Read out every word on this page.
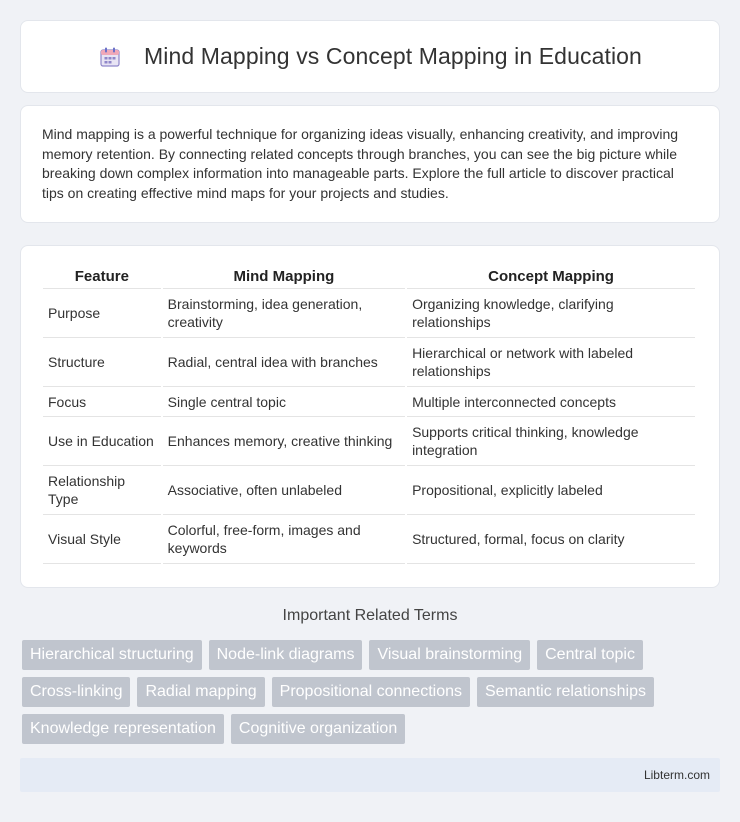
Mind Mapping vs Concept Mapping in Education

Mind mapping is a powerful technique for organizing ideas visually, enhancing creativity, and improving memory retention. By connecting related concepts through branches, you can see the big picture while breaking down complex information into manageable parts. Explore the full article to discover practical tips on creating effective mind maps for your projects and studies.

Feature	Mind Mapping	Concept Mapping
Purpose	Brainstorming, idea generation, creativity	Organizing knowledge, clarifying relationships
Structure	Radial, central idea with branches	Hierarchical or network with labeled relationships
Focus	Single central topic	Multiple interconnected concepts
Use in Education	Enhances memory, creative thinking	Supports critical thinking, knowledge integration
Relationship Type	Associative, often unlabeled	Propositional, explicitly labeled
Visual Style	Colorful, free-form, images and keywords	Structured, formal, focus on clarity
Important Related Terms
Hierarchical structuring	Node-link diagrams	Visual brainstorming	Central topic
Cross-linking	Radial mapping	Propositional connections	Semantic relationships
Knowledge representation	Cognitive organization
Libterm.com
